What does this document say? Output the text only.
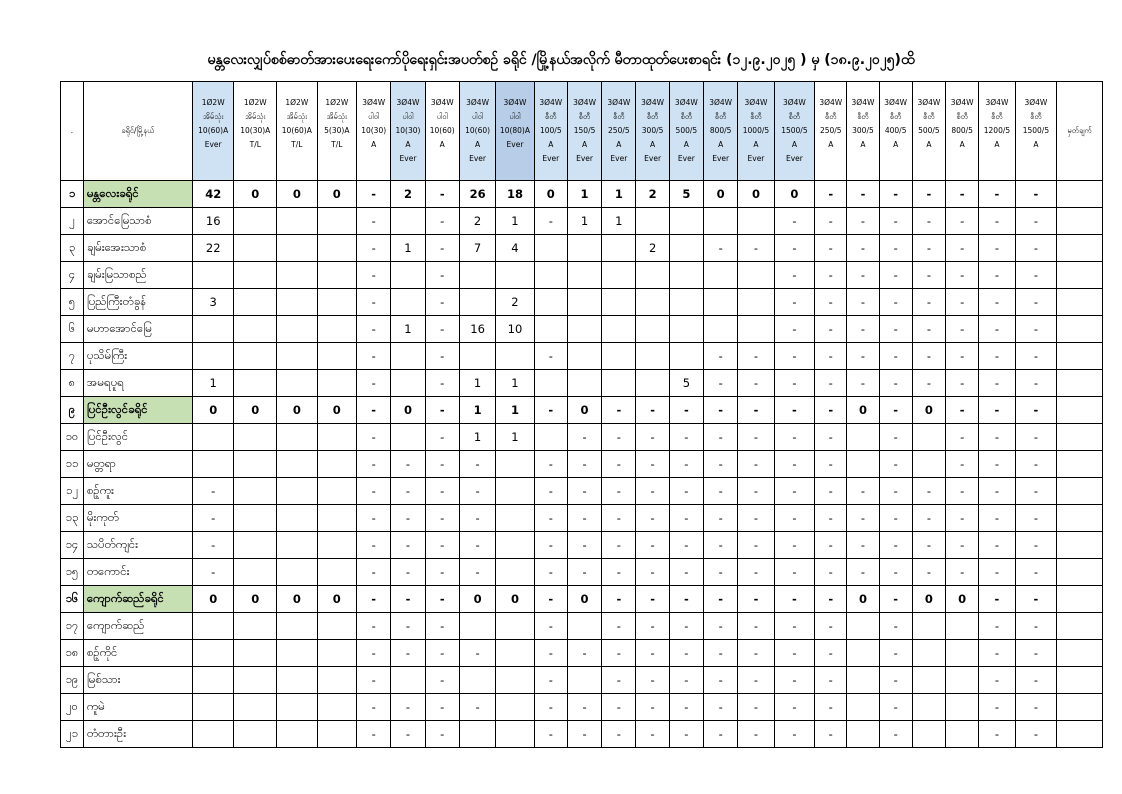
မန္တလေးလျှပ်စစ်ဓာတ်အားပေးရေးကော်ပိုရေးရှင်းအပတ်စဉ် ခရိုင် /မြို့နယ်အလိုက် မီတာထုတ်ပေးစာရင်း (၁၂.၉.၂၀၂၅ ) မှ (၁၈.၉.၂၀၂၅)ထိ
.	ခရိုင်/မြို့နယ်	1Ø2W
အိမ်သုံး
10(60)A
Ever	1Ø2W
အိမ်သုံး
10(30)A
T/L	1Ø2W
အိမ်သုံး
10(60)A
T/L	1Ø2W
အိမ်သုံး
5(30)A
T/L	3Ø4W
ပါဝါ
10(30)
A	3Ø4W
ပါဝါ
10(30)
A
Ever	3Ø4W
ပါဝါ
10(60)
A	3Ø4W
ပါဝါ
10(60)
A
Ever	3Ø4W
ပါဝါ
10(80)A
Ever	3Ø4W
စီတီ
100/5
A
Ever	3Ø4W
စီတီ
150/5
A
Ever	3Ø4W
စီတီ
250/5
A
Ever	3Ø4W
စီတီ
300/5
A
Ever	3Ø4W
စီတီ
500/5
A
Ever	3Ø4W
စီတီ
800/5
A
Ever	3Ø4W
စီတီ
1000/5
A
Ever	3Ø4W
စီတီ
1500/5
A
Ever	3Ø4W
စီတီ
250/5
A	3Ø4W
စီတီ
300/5
A	3Ø4W
စီတီ
400/5
A	3Ø4W
စီတီ
500/5
A	3Ø4W
စီတီ
800/5
A	3Ø4W
စီတီ
1200/5
A	3Ø4W
စီတီ
1500/5
A	မှတ်ချက်
၁	မန္တလေးခရိုင်	42	0	0	0	-	2	-	26	18	0	1	1	2	5	0	0	0	-	-	-	-	-	-	-	
၂	အောင်မြေသာစံ	16				-		-	2	1	-	1	1					-	-	-	-	-	-	-	-	
၃	ချမ်းအေးသာစံ	22				-	1	-	7	4				2		-	-	-	-	-	-	-	-	-	-	
၄	ချမ်းမြသာစည်					-		-										-	-	-	-	-	-	-	-	
၅	ပြည်ကြီးတံခွန်	3				-		-		2								-	-	-	-	-	-	-	-	
၆	မဟာအောင်မြေ					-	1	-	16	10								-	-	-	-	-	-	-	-	
၇	ပုသိမ်ကြီး					-		-			-					-	-	-	-	-	-	-	-	-	-	
၈	အမရပူရ	1				-		-	1	1					5	-	-	-	-	-	-	-	-	-	-	
၉	ပြင်ဦးလွင်ခရိုင်	0	0	0	0	-	0	-	1	1	-	0	-	-	-	-	-	-	-	0	-	0	-	-	-	
၁၀	ပြင်ဦးလွင်					-		-	1	1		-	-	-	-	-	-	-	-		-		-	-	-	
၁၁	မတ္တရာ					-	-	-	-		-	-	-	-	-	-	-	-	-		-		-	-	-	
၁၂	စဉ့်ကူး	-				-	-	-	-		-	-	-	-	-	-	-	-	-	-	-	-	-	-	-	
၁၃	မိုးကုတ်	-				-	-	-	-		-	-	-	-	-	-	-	-	-	-	-	-	-	-	-	
၁၄	သပိတ်ကျင်း	-				-	-	-	-		-	-	-	-	-	-	-	-	-	-	-	-	-	-	-	
၁၅	တကောင်း	-				-	-	-	-		-	-	-	-	-	-	-	-	-	-	-	-	-	-	-	
၁၆	ကျောက်ဆည်ခရိုင်	0	0	0	0	-	-	-	0	0	-	0	-	-	-	-	-	-	-	0	-	0	0	-	-	
၁၇	ကျောက်ဆည်					-	-	-			-		-	-	-	-	-	-	-		-			-	-	
၁၈	စဉ့်ကိုင်					-	-	-	-		-	-	-	-	-	-	-	-	-		-			-	-	
၁၉	မြစ်သား					-		-			-		-	-	-	-	-	-	-		-			-	-	
၂၀	ကူမဲ					-	-	-	-		-	-	-	-	-	-	-	-	-		-			-	-	
၂၁	တံတားဦး					-	-	-			-	-	-	-	-	-	-	-	-		-			-	-	
